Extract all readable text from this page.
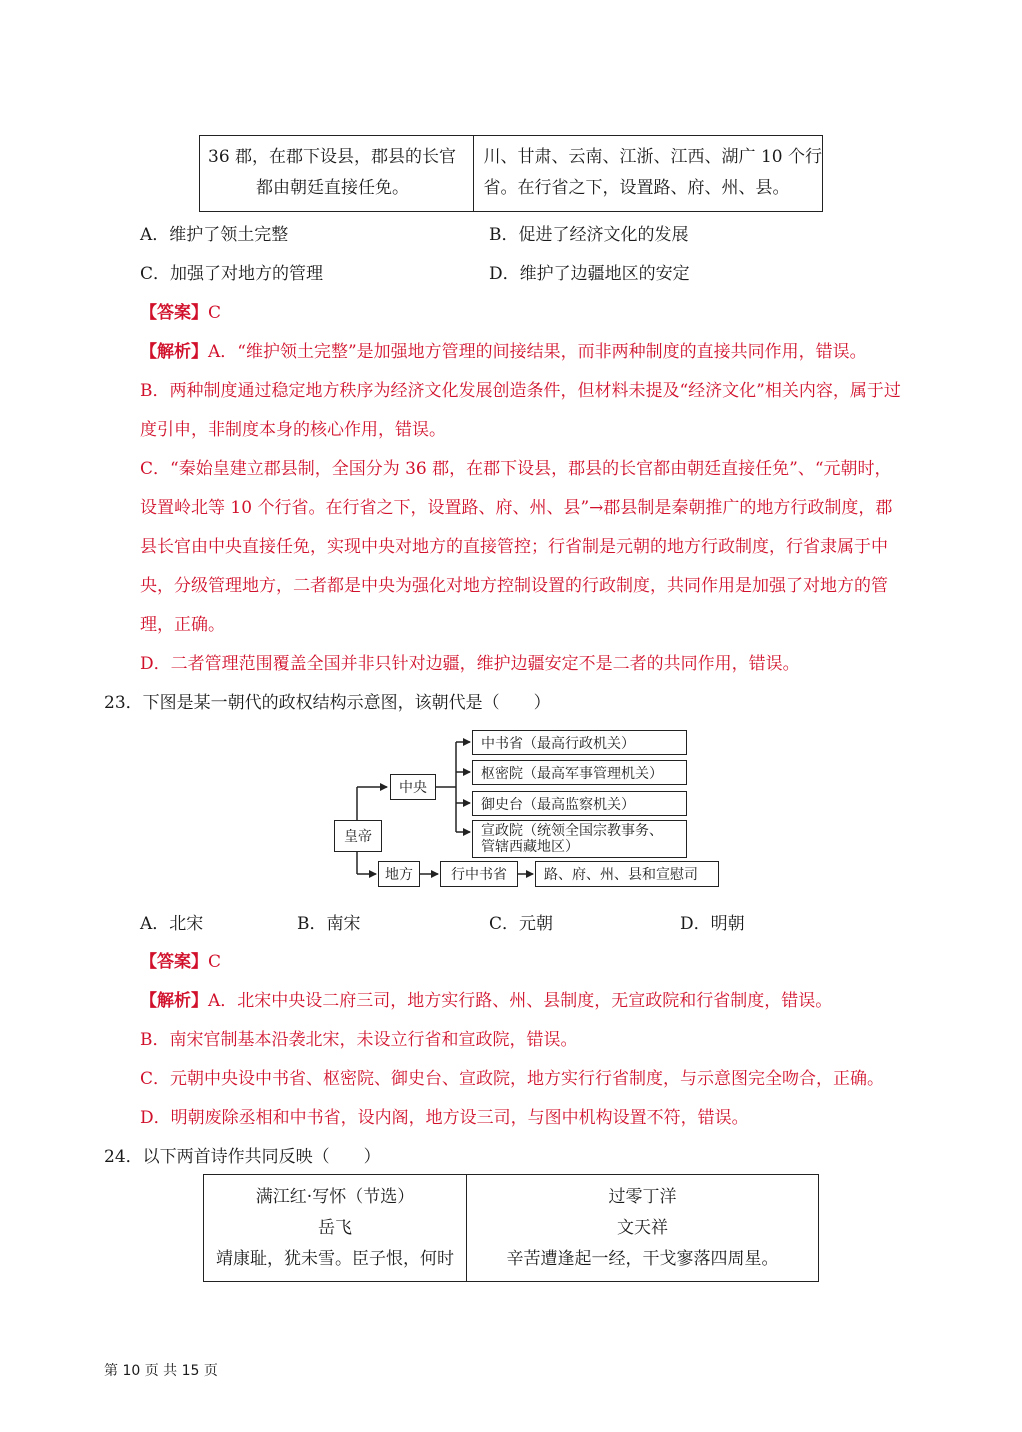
36 郡，在郡下设县，郡县的长官
都由朝廷直接任免。

川、甘肃、云南、江浙、江西、湖广 10 个行
省。在行省之下，设置路、府、州、县。
A．维护了领土完整	B．促进了经济文化的发展
C．加强了对地方的管理	D．维护了边疆地区的安定
【答案】C
【解析】A．“维护领土完整”是加强地方管理的间接结果，而非两种制度的直接共同作用，错误。
B．两种制度通过稳定地方秩序为经济文化发展创造条件，但材料未提及“经济文化”相关内容，属于过
度引申，非制度本身的核心作用，错误。
C．“秦始皇建立郡县制，全国分为 36 郡，在郡下设县，郡县的长官都由朝廷直接任免”、“元朝时，
设置岭北等 10 个行省。在行省之下，设置路、府、州、县”→郡县制是秦朝推广的地方行政制度，郡
县长官由中央直接任免，实现中央对地方的直接管控；行省制是元朝的地方行政制度，行省隶属于中
央，分级管理地方，二者都是中央为强化对地方控制设置的行政制度，共同作用是加强了对地方的管
理，正确。
D．二者管理范围覆盖全国并非只针对边疆，维护边疆安定不是二者的共同作用，错误。
23．下图是某一朝代的政权结构示意图，该朝代是（　　）
皇帝
中央
地方	行中书省	路、府、州、县和宣慰司
中书省（最高行政机关）
枢密院（最高军事管理机关）
御史台（最高监察机关）
宣政院（统领全国宗教事务、
管辖西藏地区）
A．北宋	B．南宋	C．元朝	D．明朝
【答案】C
【解析】A．北宋中央设二府三司，地方实行路、州、县制度，无宣政院和行省制度，错误。
B．南宋官制基本沿袭北宋，未设立行省和宣政院，错误。
C．元朝中央设中书省、枢密院、御史台、宣政院，地方实行行省制度，与示意图完全吻合，正确。
D．明朝废除丞相和中书省，设内阁，地方设三司，与图中机构设置不符，错误。
24．以下两首诗作共同反映（　　）
满江红·写怀（节选）
岳飞
靖康耻，犹未雪。臣子恨，何时

过零丁洋
文天祥
辛苦遭逢起一经，干戈寥落四周星。
第 10 页 共 15 页
